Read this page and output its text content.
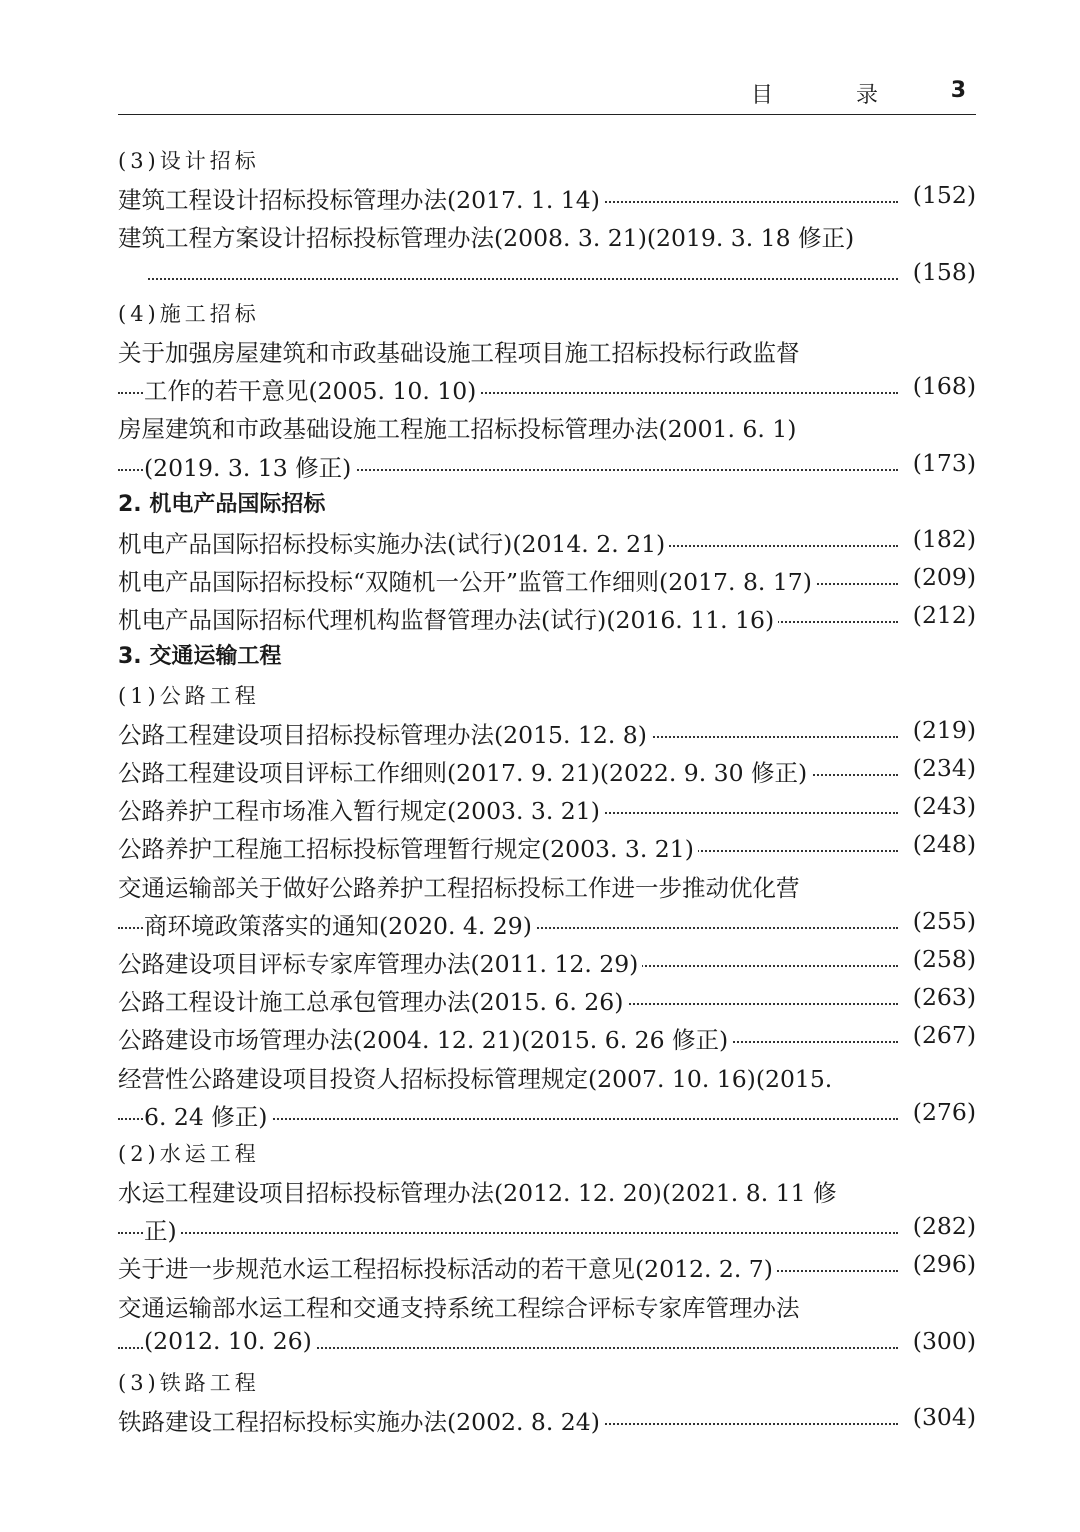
目 录 3
(3)设计招标
建筑工程设计招标投标管理办法(2017. 1. 14)	(152)
建筑工程方案设计招标投标管理办法(2008. 3. 21)(2019. 3. 18 修正)
(158)
(4)施工招标
关于加强房屋建筑和市政基础设施工程项目施工招标投标行政监督
工作的若干意见(2005. 10. 10)	(168)
房屋建筑和市政基础设施工程施工招标投标管理办法(2001. 6. 1)
(2019. 3. 13 修正)	(173)
2. 机电产品国际招标
机电产品国际招标投标实施办法(试行)(2014. 2. 21)	(182)
机电产品国际招标投标“双随机一公开”监管工作细则(2017. 8. 17)	(209)
机电产品国际招标代理机构监督管理办法(试行)(2016. 11. 16)	(212)
3. 交通运输工程
(1)公路工程
公路工程建设项目招标投标管理办法(2015. 12. 8)	(219)
公路工程建设项目评标工作细则(2017. 9. 21)(2022. 9. 30 修正)	(234)
公路养护工程市场准入暂行规定(2003. 3. 21)	(243)
公路养护工程施工招标投标管理暂行规定(2003. 3. 21)	(248)
交通运输部关于做好公路养护工程招标投标工作进一步推动优化营
商环境政策落实的通知(2020. 4. 29)	(255)
公路建设项目评标专家库管理办法(2011. 12. 29)	(258)
公路工程设计施工总承包管理办法(2015. 6. 26)	(263)
公路建设市场管理办法(2004. 12. 21)(2015. 6. 26 修正)	(267)
经营性公路建设项目投资人招标投标管理规定(2007. 10. 16)(2015.
6. 24 修正)	(276)
(2)水运工程
水运工程建设项目招标投标管理办法(2012. 12. 20)(2021. 8. 11 修
正)	(282)
关于进一步规范水运工程招标投标活动的若干意见(2012. 2. 7)	(296)
交通运输部水运工程和交通支持系统工程综合评标专家库管理办法
(2012. 10. 26)	(300)
(3)铁路工程
铁路建设工程招标投标实施办法(2002. 8. 24)	(304)
